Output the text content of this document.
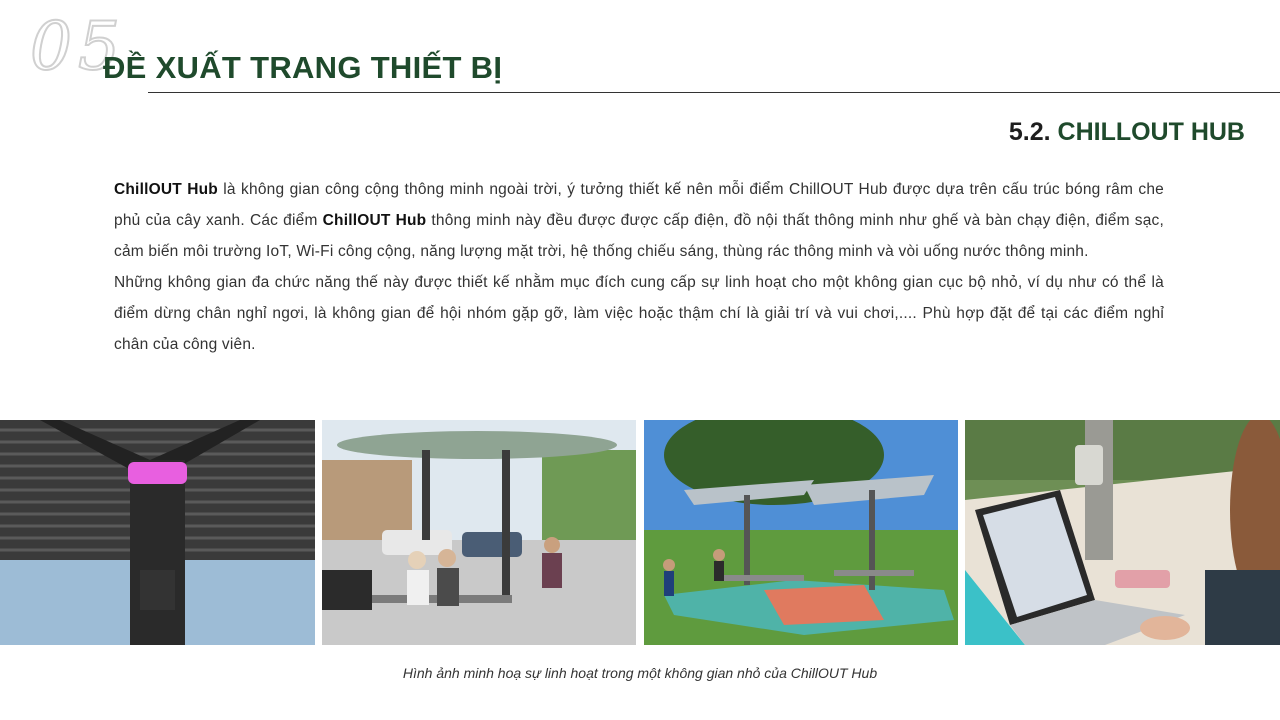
05
ĐỀ XUẤT TRANG THIẾT BỊ
5.2. CHILLOUT HUB

ChillOUT Hub là không gian công cộng thông minh ngoài trời, ý tưởng thiết kế nên mỗi điểm ChillOUT Hub được dựa trên cấu trúc bóng râm che phủ của cây xanh. Các điểm ChillOUT Hub thông minh này đều được được cấp điện, đồ nội thất thông minh như ghế và bàn chạy điện, điểm sạc, cảm biến môi trường IoT, Wi-Fi công cộng, năng lượng mặt trời, hệ thống chiếu sáng, thùng rác thông minh và vòi uống nước thông minh.

Những không gian đa chức năng thế này được thiết kế nhằm mục đích cung cấp sự linh hoạt cho một không gian cục bộ nhỏ, ví dụ như có thể là điểm dừng chân nghỉ ngơi, là không gian để hội nhóm gặp gỡ, làm việc hoặc thậm chí là giải trí và vui chơi,.... Phù hợp đặt để tại các điểm nghỉ chân của công viên.

Hình ảnh minh hoạ sự linh hoạt trong một không gian nhỏ của ChillOUT Hub
